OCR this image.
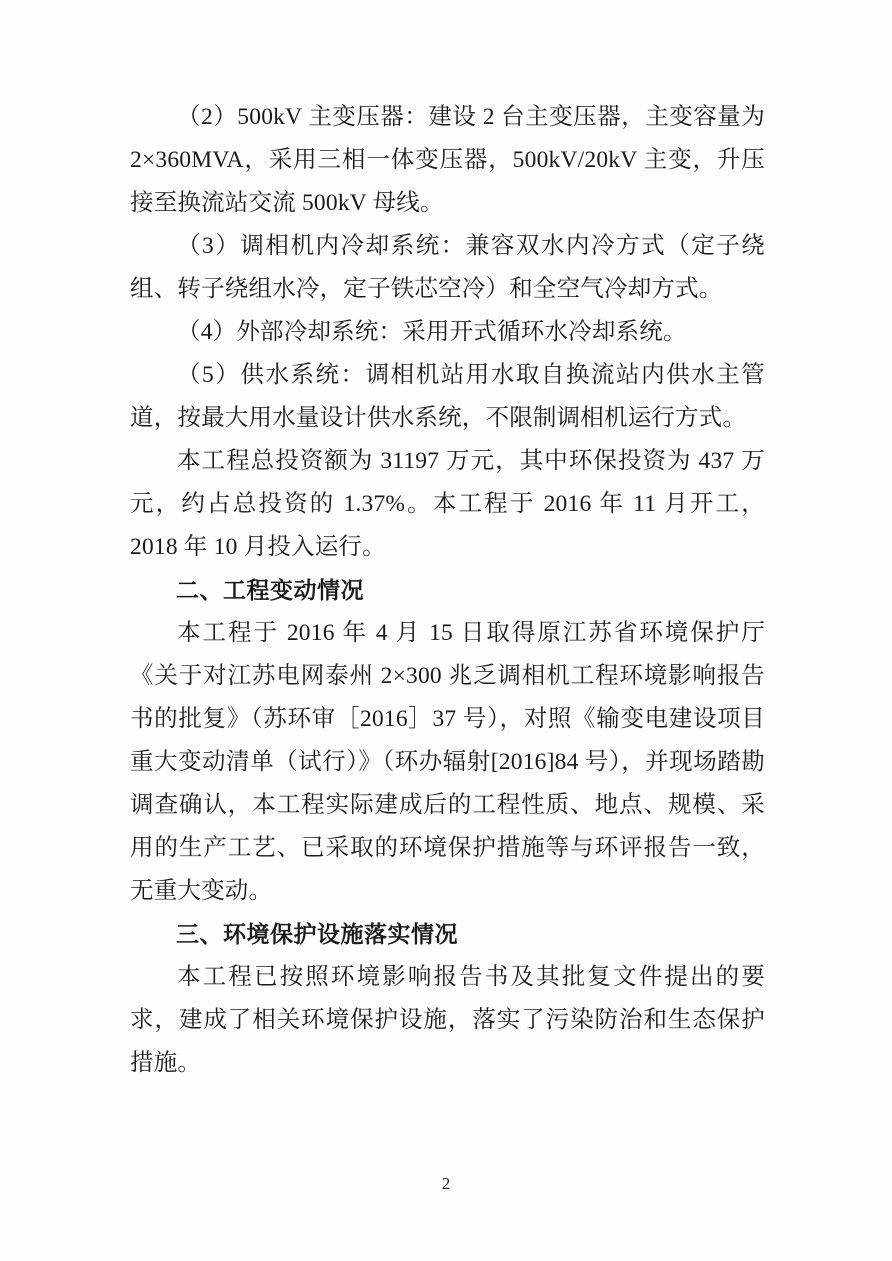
（2）500kV 主变压器：建设 2 台主变压器，主变容量为 2×360MVA，采用三相一体变压器，500kV/20kV 主变，升压接至换流站交流 500kV 母线。

（3）调相机内冷却系统：兼容双水内冷方式（定子绕组、转子绕组水冷，定子铁芯空冷）和全空气冷却方式。

（4）外部冷却系统：采用开式循环水冷却系统。

（5）供水系统：调相机站用水取自换流站内供水主管道，按最大用水量设计供水系统，不限制调相机运行方式。

本工程总投资额为 31197 万元，其中环保投资为 437 万元，约占总投资的 1.37%。本工程于 2016 年 11 月开工，2018 年 10 月投入运行。

二、工程变动情况

本工程于 2016 年 4 月 15 日取得原江苏省环境保护厅《关于对江苏电网泰州 2×300 兆乏调相机工程环境影响报告书的批复》（苏环审［2016］37 号），对照《输变电建设项目重大变动清单（试行）》（环办辐射[2016]84 号），并现场踏勘调查确认，本工程实际建成后的工程性质、地点、规模、采用的生产工艺、已采取的环境保护措施等与环评报告一致，无重大变动。

三、环境保护设施落实情况

本工程已按照环境影响报告书及其批复文件提出的要求，建成了相关环境保护设施，落实了污染防治和生态保护措施。

2
